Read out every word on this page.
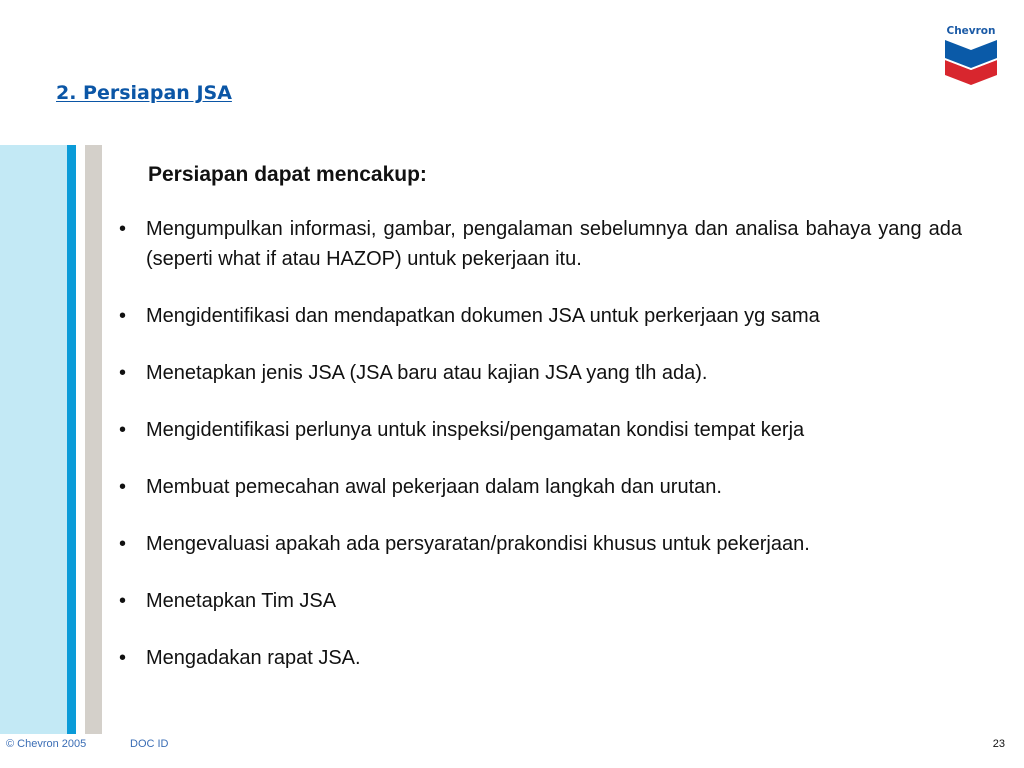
2. Persiapan JSA
Chevron
Persiapan dapat mencakup:
• Mengumpulkan informasi, gambar, pengalaman sebelumnya dan analisa bahaya yang ada (seperti what if atau HAZOP) untuk pekerjaan itu.
• Mengidentifikasi dan mendapatkan dokumen JSA untuk perkerjaan yg sama
• Menetapkan jenis JSA (JSA baru atau kajian JSA yang tlh ada).
• Mengidentifikasi perlunya untuk inspeksi/pengamatan kondisi tempat kerja
• Membuat pemecahan awal pekerjaan dalam langkah dan urutan.
• Mengevaluasi apakah ada persyaratan/prakondisi khusus untuk pekerjaan.
• Menetapkan Tim JSA
• Mengadakan rapat JSA.
© Chevron 2005	DOC ID	23
